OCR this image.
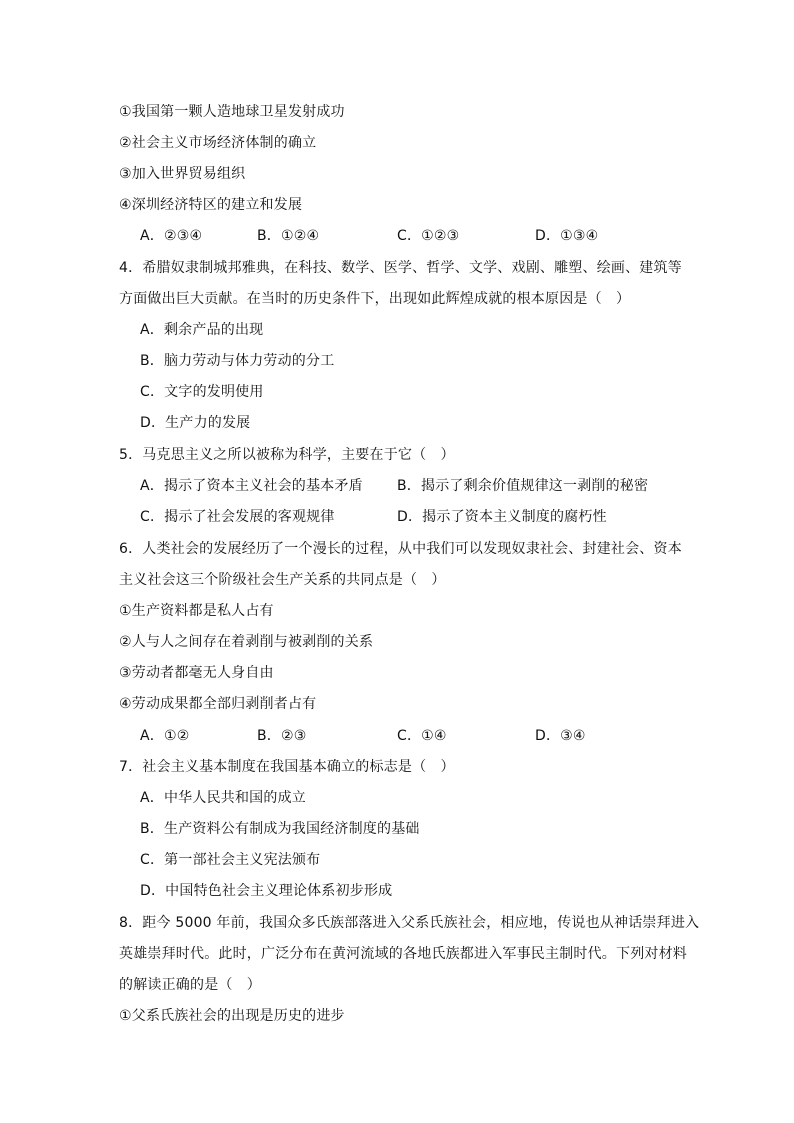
①我国第一颗人造地球卫星发射成功
②社会主义市场经济体制的确立
③加入世界贸易组织
④深圳经济特区的建立和发展
A．②③④	B．①②④	C．①②③	D．①③④
4．希腊奴隶制城邦雅典，在科技、数学、医学、哲学、文学、戏剧、雕塑、绘画、建筑等
方面做出巨大贡献。在当时的历史条件下，出现如此辉煌成就的根本原因是（　）
A．剩余产品的出现
B．脑力劳动与体力劳动的分工
C．文字的发明使用
D．生产力的发展
5．马克思主义之所以被称为科学，主要在于它（　）
A．揭示了资本主义社会的基本矛盾 B．揭示了剩余价值规律这一剥削的秘密
C．揭示了社会发展的客观规律	D．揭示了资本主义制度的腐朽性
6．人类社会的发展经历了一个漫长的过程，从中我们可以发现奴隶社会、封建社会、资本
主义社会这三个阶级社会生产关系的共同点是（　）
①生产资料都是私人占有
②人与人之间存在着剥削与被剥削的关系
③劳动者都毫无人身自由
④劳动成果都全部归剥削者占有
A．①②	B．②③	C．①④	D．③④
7．社会主义基本制度在我国基本确立的标志是（　）
A．中华人民共和国的成立
B．生产资料公有制成为我国经济制度的基础
C．第一部社会主义宪法颁布
D．中国特色社会主义理论体系初步形成
8．距今 5000 年前，我国众多氏族部落进入父系氏族社会，相应地，传说也从神话崇拜进入
英雄崇拜时代。此时，广泛分布在黄河流域的各地氏族都进入军事民主制时代。下列对材料
的解读正确的是（　）
①父系氏族社会的出现是历史的进步
